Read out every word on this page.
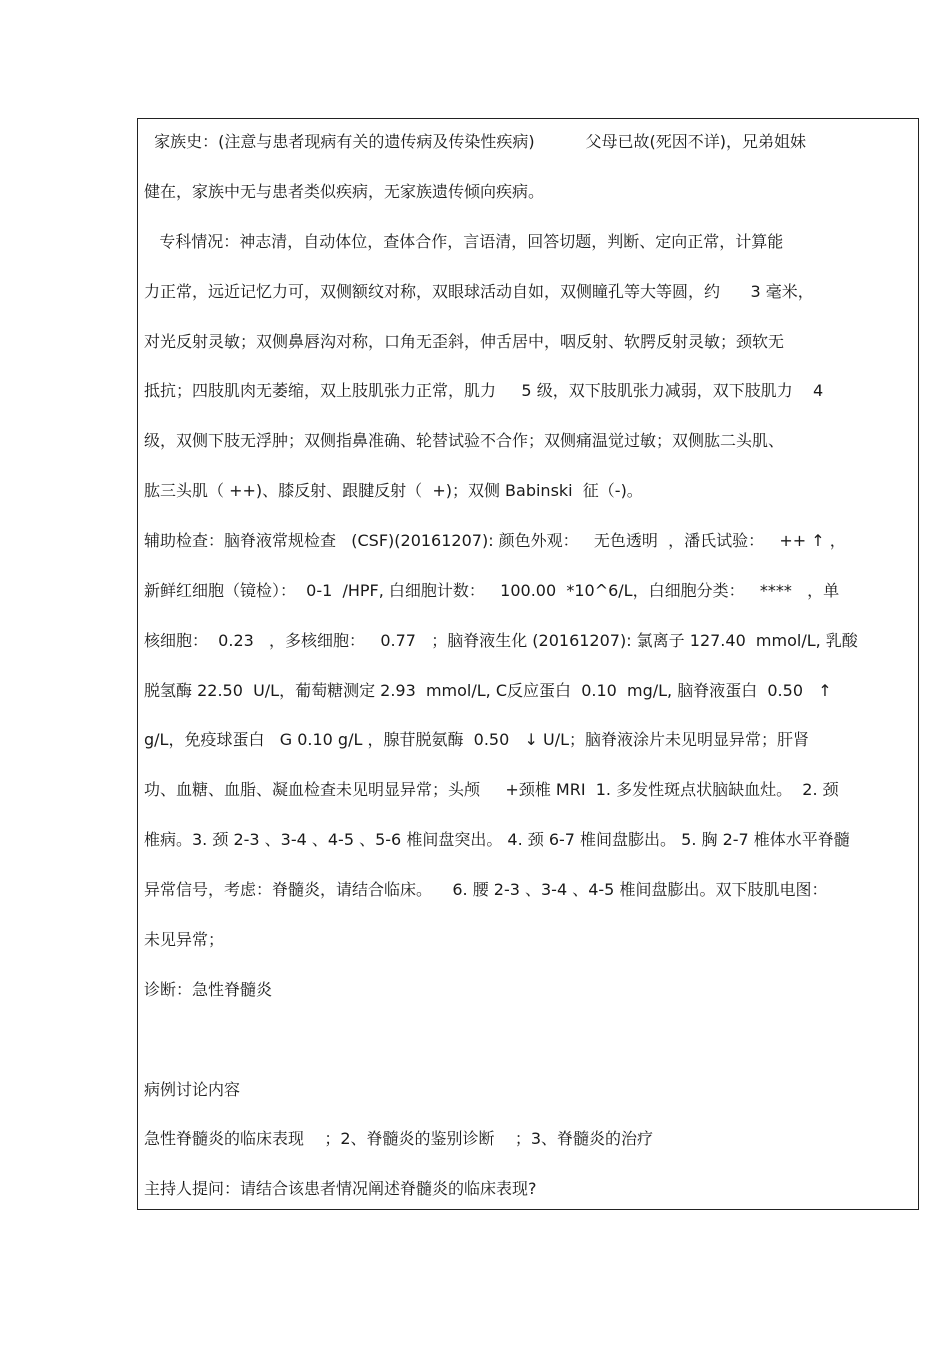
家族史：(注意与患者现病有关的遗传病及传染性疾病)          父母已故(死因不详)，兄弟姐妹
健在，家族中无与患者类似疾病，无家族遗传倾向疾病。
专科情况：神志清，自动体位，查体合作，言语清，回答切题，判断、定向正常，计算能
力正常，远近记忆力可，双侧额纹对称，双眼球活动自如，双侧瞳孔等大等圆，约      3 毫米，
对光反射灵敏；双侧鼻唇沟对称，口角无歪斜，伸舌居中，咽反射、软腭反射灵敏；颈软无
抵抗；四肢肌肉无萎缩，双上肢肌张力正常，肌力     5 级，双下肢肌张力减弱，双下肢肌力    4
级，双侧下肢无浮肿；双侧指鼻准确、轮替试验不合作；双侧痛温觉过敏；双侧肱二头肌、
肱三头肌（ ++)、膝反射、跟腱反射（  +)；双侧 Babinski  征（-)。
辅助检查：脑脊液常规检查   (CSF)(20161207): 颜色外观：   无色透明  ，潘氏试验：   ++ ↑ ，
新鲜红细胞（镜检）：  0-1  /HPF, 白细胞计数：   100.00  *10^6/L，白细胞分类：   ****   ，单
核细胞：  0.23   ，多核细胞：   0.77   ；脑脊液生化 (20161207): 氯离子 127.40  mmol/L, 乳酸
脱氢酶 22.50  U/L，葡萄糖测定 2.93  mmol/L, C反应蛋白  0.10  mg/L, 脑脊液蛋白  0.50   ↑
g/L，免疫球蛋白   G 0.10 g/L ，腺苷脱氨酶  0.50   ↓ U/L；脑脊液涂片未见明显异常；肝肾
功、血糖、血脂、凝血检查未见明显异常；头颅     +颈椎 MRI  1. 多发性斑点状脑缺血灶。  2. 颈
椎病。3. 颈 2-3 、3-4 、4-5 、5-6 椎间盘突出。 4. 颈 6-7 椎间盘膨出。 5. 胸 2-7 椎体水平脊髓
异常信号，考虑：脊髓炎，请结合临床。    6. 腰 2-3 、3-4 、4-5 椎间盘膨出。双下肢肌电图：
未见异常；
诊断：急性脊髓炎
病例讨论内容
急性脊髓炎的临床表现    ；2、脊髓炎的鉴别诊断    ；3、脊髓炎的治疗
主持人提问：请结合该患者情况阐述脊髓炎的临床表现?
